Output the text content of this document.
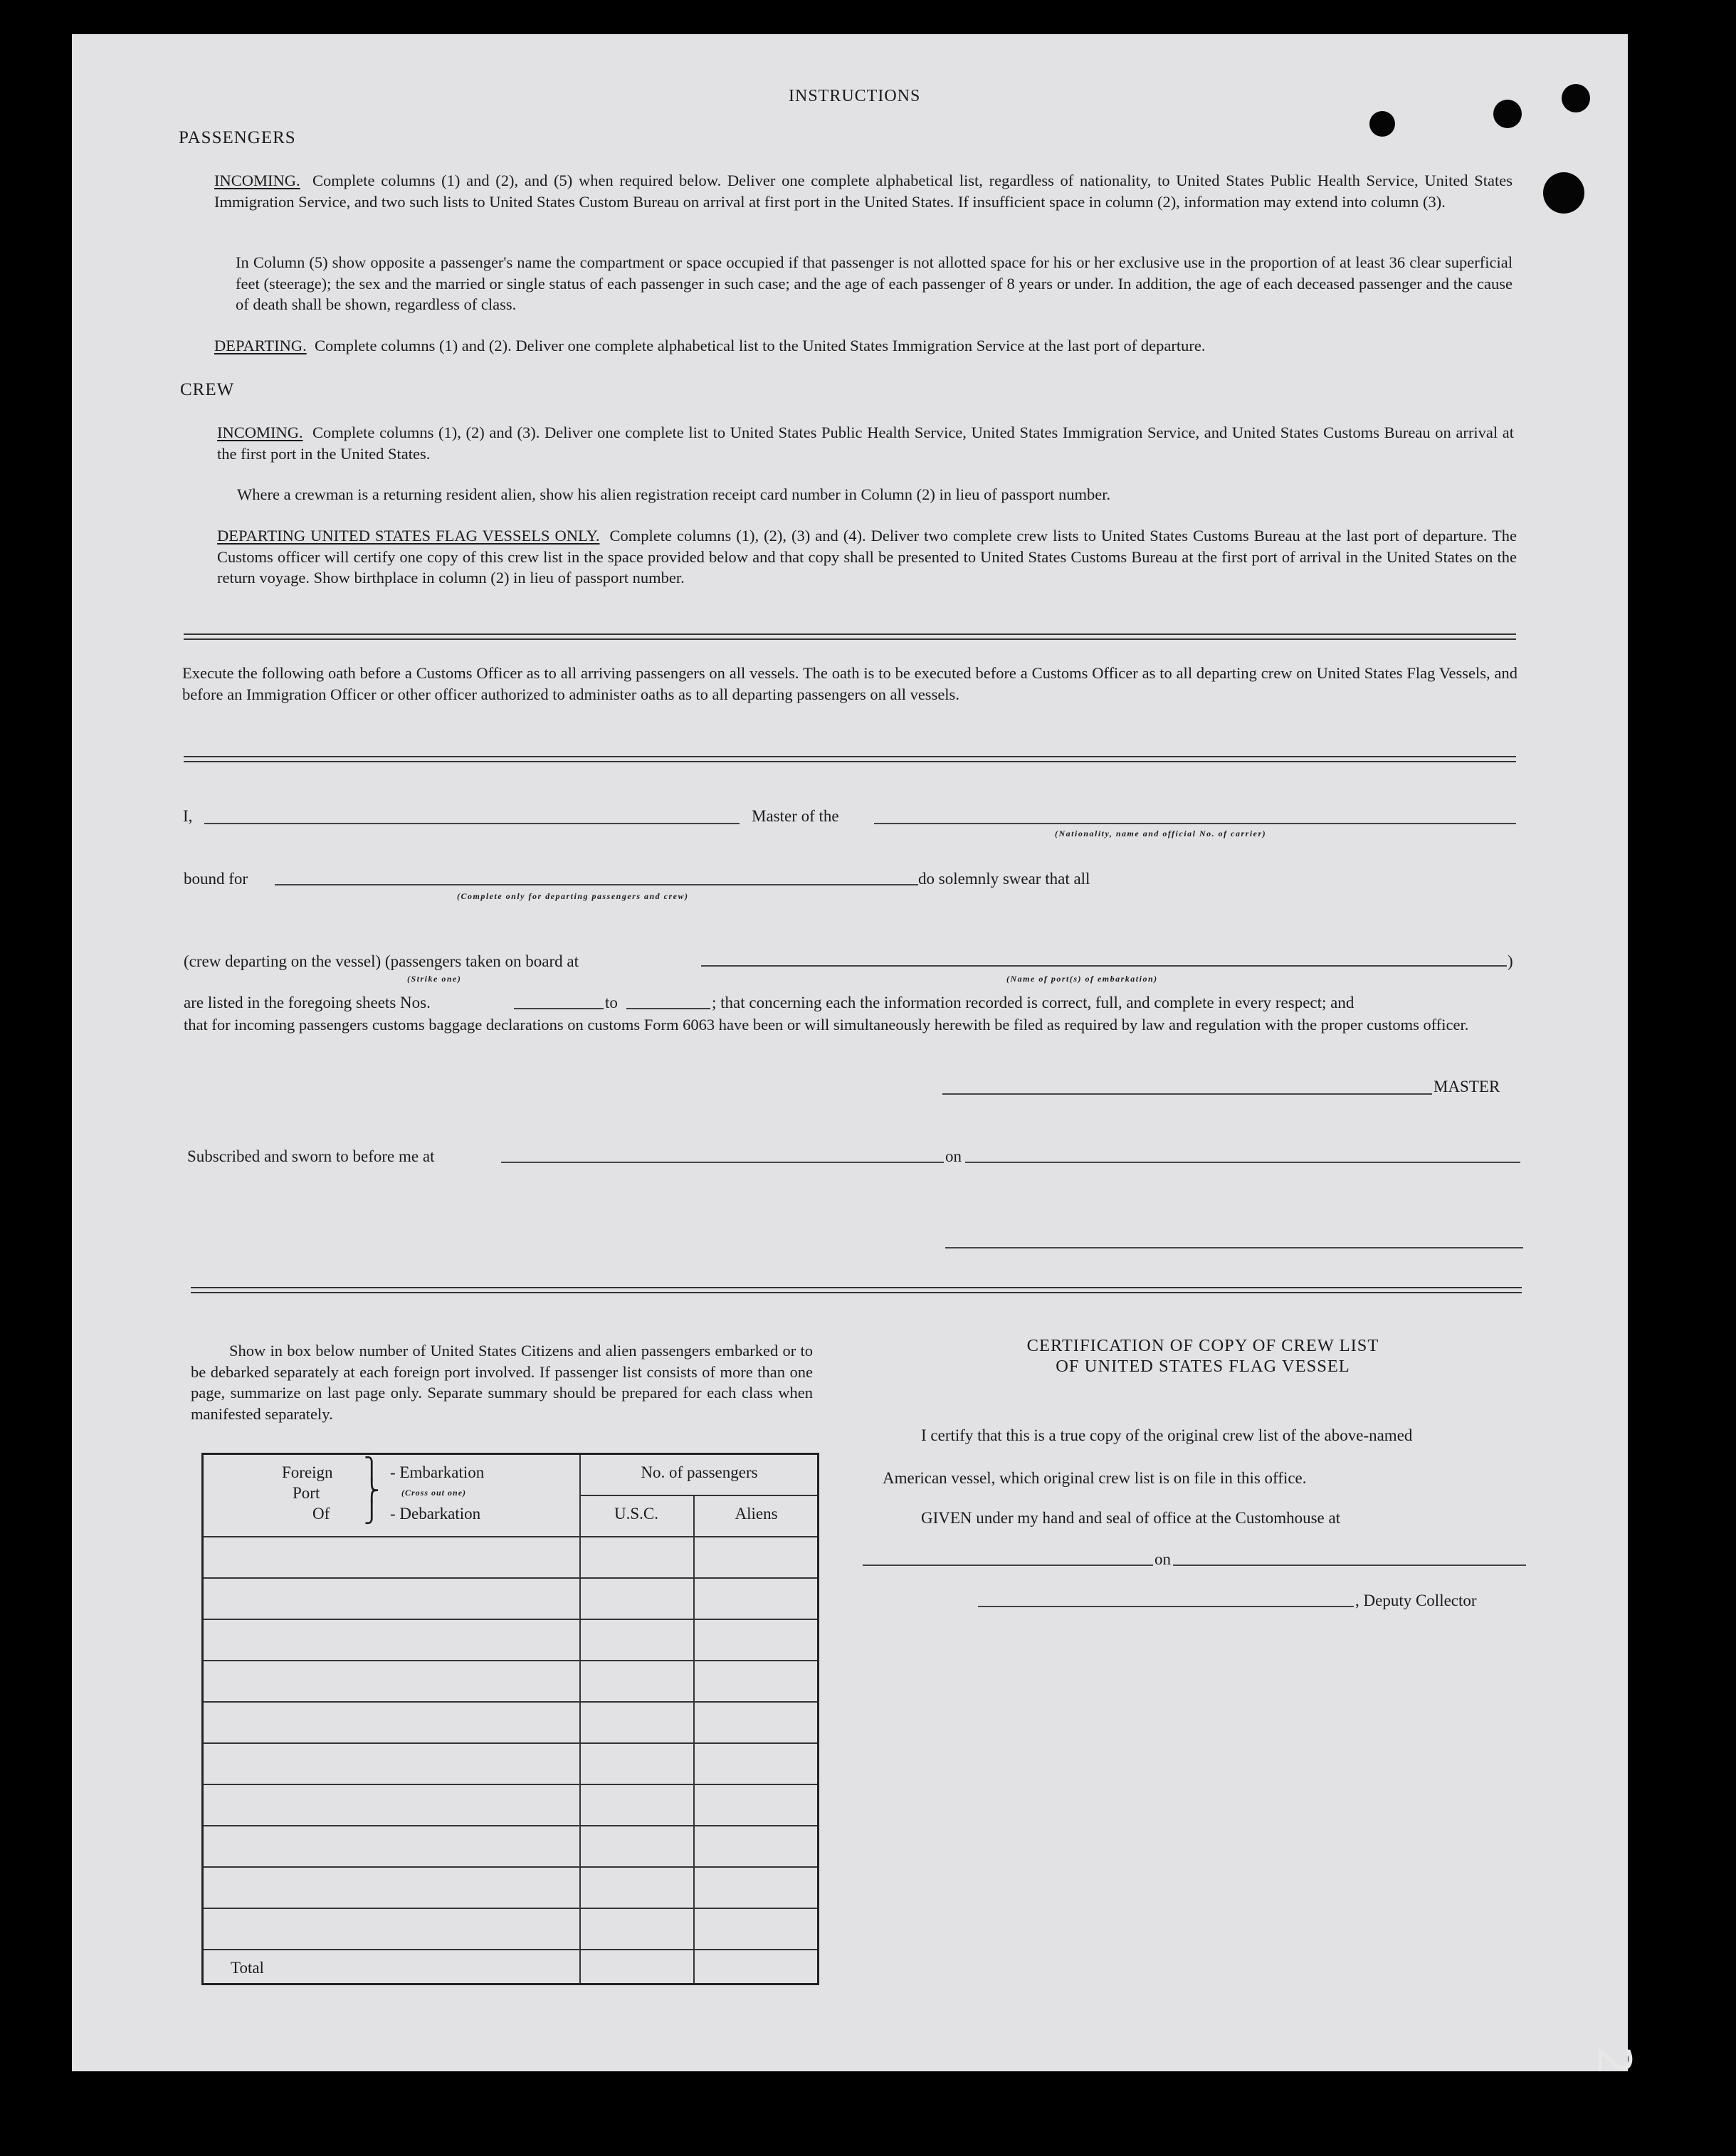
INSTRUCTIONS
PASSENGERS

INCOMING. Complete columns (1) and (2), and (5) when required below. Deliver one complete alphabetical list, regardless of nationality, to United States Public Health Service, United States Immigration Service, and two such lists to United States Custom Bureau on arrival at first port in the United States. If insufficient space in column (2), information may extend into column (3).

In Column (5) show opposite a passenger's name the compartment or space occupied if that passenger is not allotted space for his or her exclusive use in the proportion of at least 36 clear superficial feet (steerage); the sex and the married or single status of each passenger in such case; and the age of each passenger of 8 years or under. In addition, the age of each deceased passenger and the cause of death shall be shown, regardless of class.

DEPARTING. Complete columns (1) and (2). Deliver one complete alphabetical list to the United States Immigration Service at the last port of departure.

CREW

INCOMING. Complete columns (1), (2) and (3). Deliver one complete list to United States Public Health Service, United States Immigration Service, and United States Customs Bureau on arrival at the first port in the United States.

Where a crewman is a returning resident alien, show his alien registration receipt card number in Column (2) in lieu of passport number.

DEPARTING UNITED STATES FLAG VESSELS ONLY. Complete columns (1), (2), (3) and (4). Deliver two complete crew lists to United States Customs Bureau at the last port of departure. The Customs officer will certify one copy of this crew list in the space provided below and that copy shall be presented to United States Customs Bureau at the first port of arrival in the United States on the return voyage. Show birthplace in column (2) in lieu of passport number.

Execute the following oath before a Customs Officer as to all arriving passengers on all vessels. The oath is to be executed before a Customs Officer as to all departing crew on United States Flag Vessels, and before an Immigration Officer or other officer authorized to administer oaths as to all departing passengers on all vessels.

I,	Master of the
(Nationality, name and official No. of carrier)
bound for	do solemnly swear that all
(Complete only for departing passengers and crew)
(crew departing on the vessel) (passengers taken on board at	)
(Strike one)	(Name of port(s) of embarkation)
are listed in the foregoing sheets Nos.	to	; that concerning each the information recorded is correct, full, and complete in every respect; and

that for incoming passengers customs baggage declarations on customs Form 6063 have been or will simultaneously herewith be filed as required by law and regulation with the proper customs officer.

MASTER
Subscribed and sworn to before me at	on

Show in box below number of United States Citizens and alien passengers embarked or to be debarked separately at each foreign port involved. If passenger list consists of more than one page, summarize on last page only. Separate summary should be prepared for each class when manifested separately.

Foreign
Port
Of
⎫
⎬
⎭
- Embarkation
(Cross out one)
- Debarkation
No. of passengers
U.S.C.	Aliens
Total
CERTIFICATION OF COPY OF CREW LIST
OF UNITED STATES FLAG VESSEL
I certify that this is a true copy of the original crew list of the above-named
American vessel, which original crew list is on file in this office.
GIVEN under my hand and seal of office at the Customhouse at
on
, Deputy Collector
2
